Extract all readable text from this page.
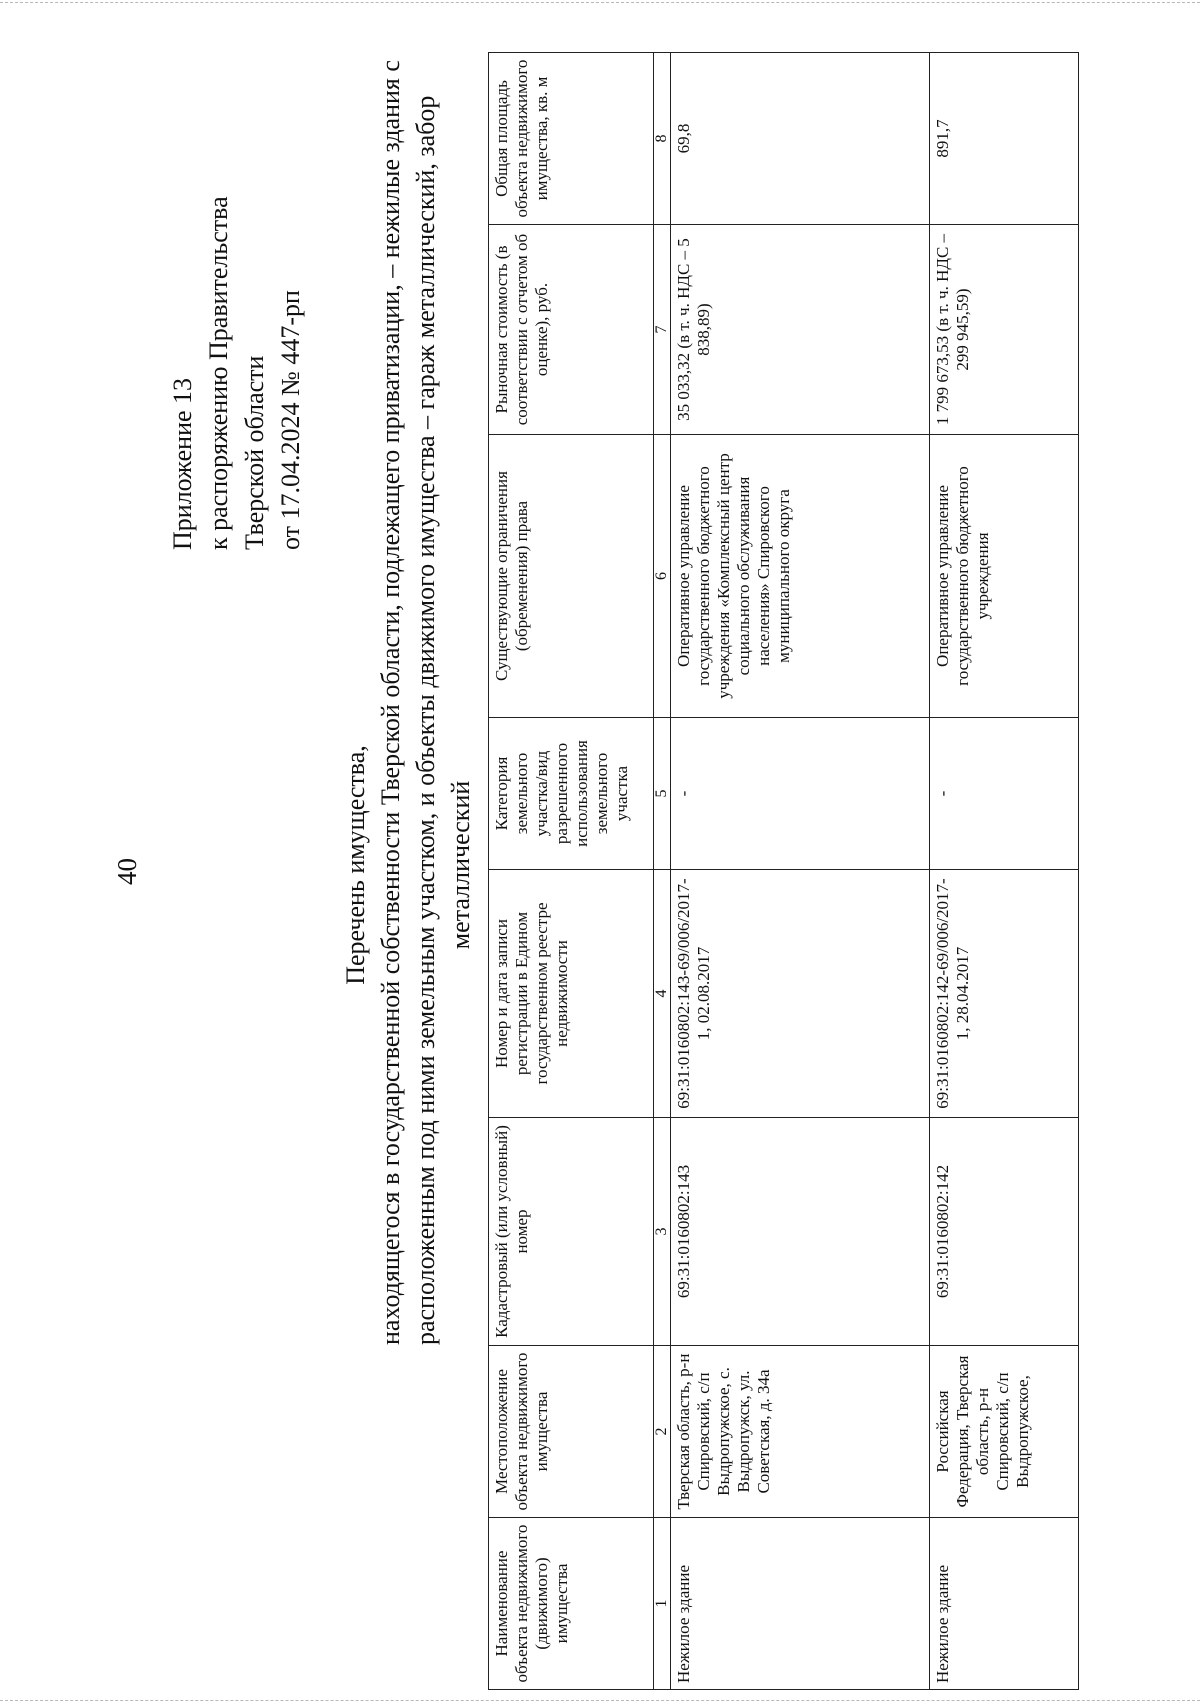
40
Приложение 13 к распоряжению Правительства Тверской области от 17.04.2024 № 447-рп
Перечень имущества, находящегося в государственной собственности Тверской области, подлежащего приватизации, – нежилые здания с расположенным под ними земельным участком, и объекты движимого имущества – гараж металлический, забор металлический
Наименование объекта недвижимого (движимого) имущества	Местоположение объекта недвижимого имущества	Кадастровый (или условный) номер	Номер и дата записи регистрации в Едином государственном реестре недвижимости	Категория земельного участка/вид разрешенного использования земельного участка	Существующие ограничения (обременения) права	Рыночная стоимость (в соответствии с отчетом об оценке), руб.	Общая площадь объекта недвижимого имущества, кв. м
1	2	3	4	5	6	7	8
Нежилое здание	Тверская область, р-н Спировский, с/п Выдропужское, с. Выдропужск, ул. Советская, д. 34а	69:31:0160802:143	69:31:0160802:143-69/006/2017-1, 02.08.2017	-	Оперативное управление государственного бюджетного учреждения «Комплексный центр социального обслуживания населения» Спировского муниципального округа	35 033,32 (в т. ч. НДС – 5 838,89)	69,8
Нежилое здание	Российская Федерация, Тверская область, р-н Спировский, с/п Выдропужское,	69:31:0160802:142	69:31:0160802:142-69/006/2017-1, 28.04.2017	-	Оперативное управление государственного бюджетного учреждения	1 799 673,53 (в т. ч. НДС – 299 945,59)	891,7
